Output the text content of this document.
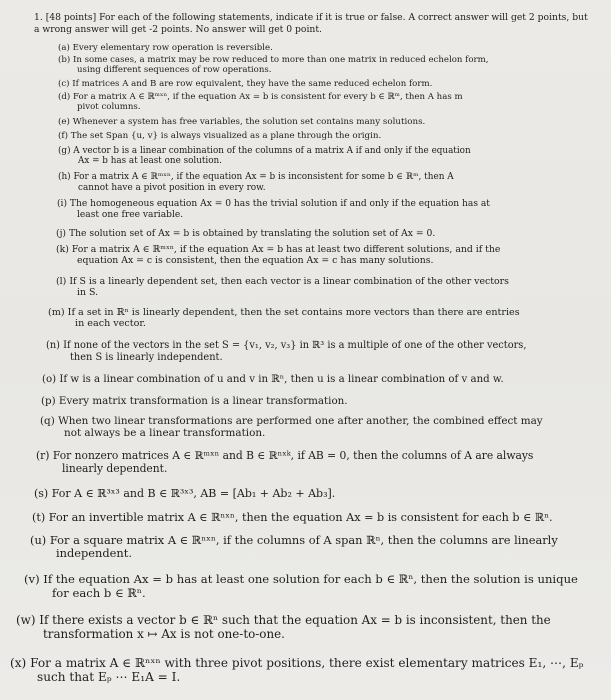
1. [48 points] For each of the following statements, indicate if it is true or false. A correct answer will get 2 points, but a wrong answer will get -2 points. No answer will get 0 point.
(a) Every elementary row operation is reversible.
(b) In some cases, a matrix may be row reduced to more than one matrix in reduced echelon form,
using different sequences of row operations.
(c) If matrices A and B are row equivalent, they have the same reduced echelon form.
(d) For a matrix A ∈ ℝᵐˣⁿ, if the equation Ax = b is consistent for every b ∈ ℝᵐ, then A has m
pivot columns.
(e) Whenever a system has free variables, the solution set contains many solutions.
(f) The set Span {u, v} is always visualized as a plane through the origin.
(g) A vector b is a linear combination of the columns of a matrix A if and only if the equation
Ax = b has at least one solution.
(h) For a matrix A ∈ ℝᵐˣⁿ, if the equation Ax = b is inconsistent for some b ∈ ℝᵐ, then A
cannot have a pivot position in every row.
(i) The homogeneous equation Ax = 0 has the trivial solution if and only if the equation has at
least one free variable.
(j) The solution set of Ax = b is obtained by translating the solution set of Ax = 0.
(k) For a matrix A ∈ ℝᵐˣⁿ, if the equation Ax = b has at least two different solutions, and if the
equation Ax = c is consistent, then the equation Ax = c has many solutions.
(l) If S is a linearly dependent set, then each vector is a linear combination of the other vectors
in S.
(m) If a set in ℝⁿ is linearly dependent, then the set contains more vectors than there are entries
in each vector.
(n) If none of the vectors in the set S = {v₁, v₂, v₃} in ℝ³ is a multiple of one of the other vectors,
then S is linearly independent.
(o) If w is a linear combination of u and v in ℝⁿ, then u is a linear combination of v and w.
(p) Every matrix transformation is a linear transformation.
(q) When two linear transformations are performed one after another, the combined effect may
not always be a linear transformation.
(r) For nonzero matrices A ∈ ℝᵐˣⁿ and B ∈ ℝⁿˣᵏ, if AB = 0, then the columns of A are always
linearly dependent.
(s) For A ∈ ℝ³ˣ³ and B ∈ ℝ³ˣ³, AB = [Ab₁ + Ab₂ + Ab₃].
(t) For an invertible matrix A ∈ ℝⁿˣⁿ, then the equation Ax = b is consistent for each b ∈ ℝⁿ.
(u) For a square matrix A ∈ ℝⁿˣⁿ, if the columns of A span ℝⁿ, then the columns are linearly
independent.
(v) If the equation Ax = b has at least one solution for each b ∈ ℝⁿ, then the solution is unique
for each b ∈ ℝⁿ.
(w) If there exists a vector b ∈ ℝⁿ such that the equation Ax = b is inconsistent, then the
transformation x ↦ Ax is not one-to-one.
(x) For a matrix A ∈ ℝⁿˣⁿ with three pivot positions, there exist elementary matrices E₁, ⋯, Eₚ
such that Eₚ ⋯ E₁A = I.
